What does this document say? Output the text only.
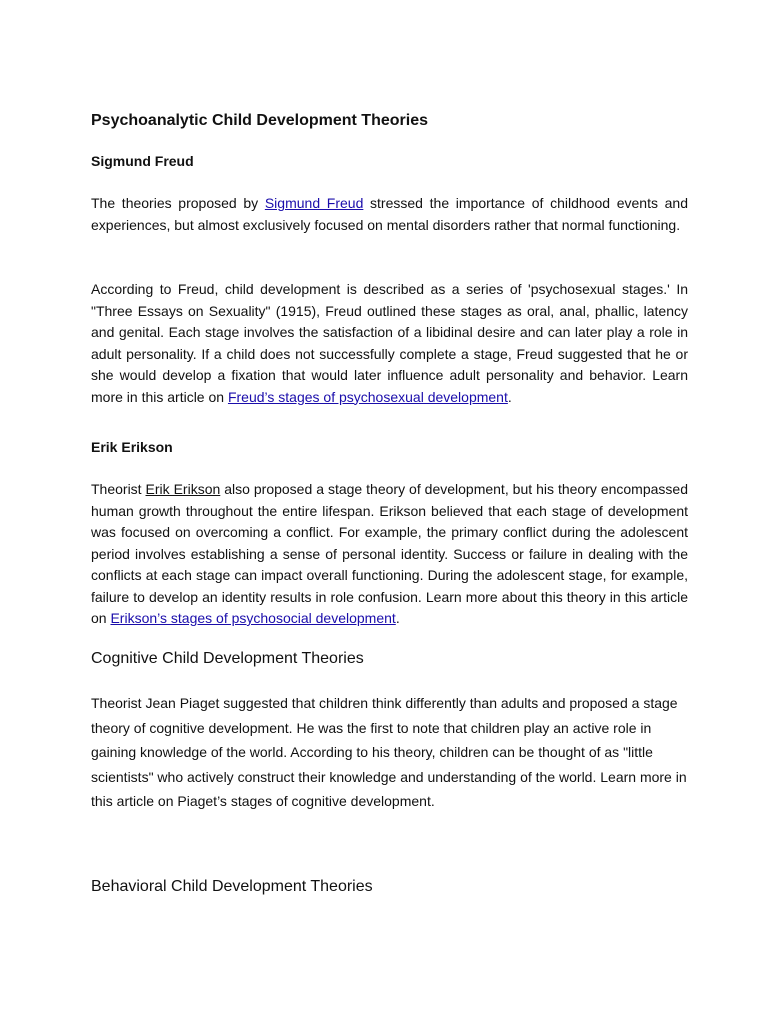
Psychoanalytic Child Development Theories
Sigmund Freud

The theories proposed by Sigmund Freud stressed the importance of childhood events and experiences, but almost exclusively focused on mental disorders rather that normal functioning.

According to Freud, child development is described as a series of 'psychosexual stages.' In "Three Essays on Sexuality" (1915), Freud outlined these stages as oral, anal, phallic, latency and genital. Each stage involves the satisfaction of a libidinal desire and can later play a role in adult personality. If a child does not successfully complete a stage, Freud suggested that he or she would develop a fixation that would later influence adult personality and behavior. Learn more in this article on Freud’s stages of psychosexual development.

Erik Erikson

Theorist Erik Erikson also proposed a stage theory of development, but his theory encompassed human growth throughout the entire lifespan. Erikson believed that each stage of development was focused on overcoming a conflict. For example, the primary conflict during the adolescent period involves establishing a sense of personal identity. Success or failure in dealing with the conflicts at each stage can impact overall functioning. During the adolescent stage, for example, failure to develop an identity results in role confusion. Learn more about this theory in this article on Erikson’s stages of psychosocial development.

Cognitive Child Development Theories

Theorist Jean Piaget suggested that children think differently than adults and proposed a stage theory of cognitive development. He was the first to note that children play an active role in gaining knowledge of the world. According to his theory, children can be thought of as "little scientists" who actively construct their knowledge and understanding of the world. Learn more in this article on Piaget’s stages of cognitive development.

Behavioral Child Development Theories
